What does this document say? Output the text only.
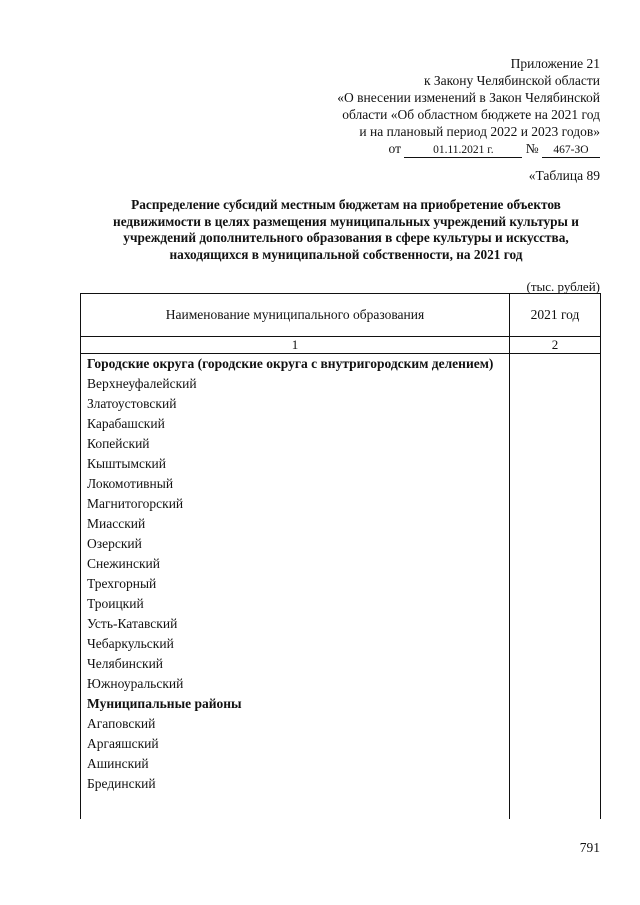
Приложение 21
к Закону Челябинской области
«О внесении изменений в Закон Челябинской
области «Об областном бюджете на 2021 год
и на плановый период 2022 и 2023 годов»
от	01.11.2021 г. № 467-ЗО
«Таблица 89
Распределение субсидий местным бюджетам на приобретение объектов недвижимости в целях размещения муниципальных учреждений культуры и учреждений дополнительного образования в сфере культуры и искусства, находящихся в муниципальной собственности, на 2021 год
(тыс. рублей)
Наименование муниципального образования	2021 год
1	2
Городские округа (городские округа с внутригородским делением)
Верхнеуфалейский
Златоустовский
Карабашский
Копейский
Кыштымский
Локомотивный
Магнитогорский
Миасский
Озерский
Снежинский
Трехгорный
Троицкий
Усть-Катавский
Чебаркульский
Челябинский
Южноуральский
Муниципальные районы
Агаповский
Аргаяшский
Ашинский
Брединский
791
